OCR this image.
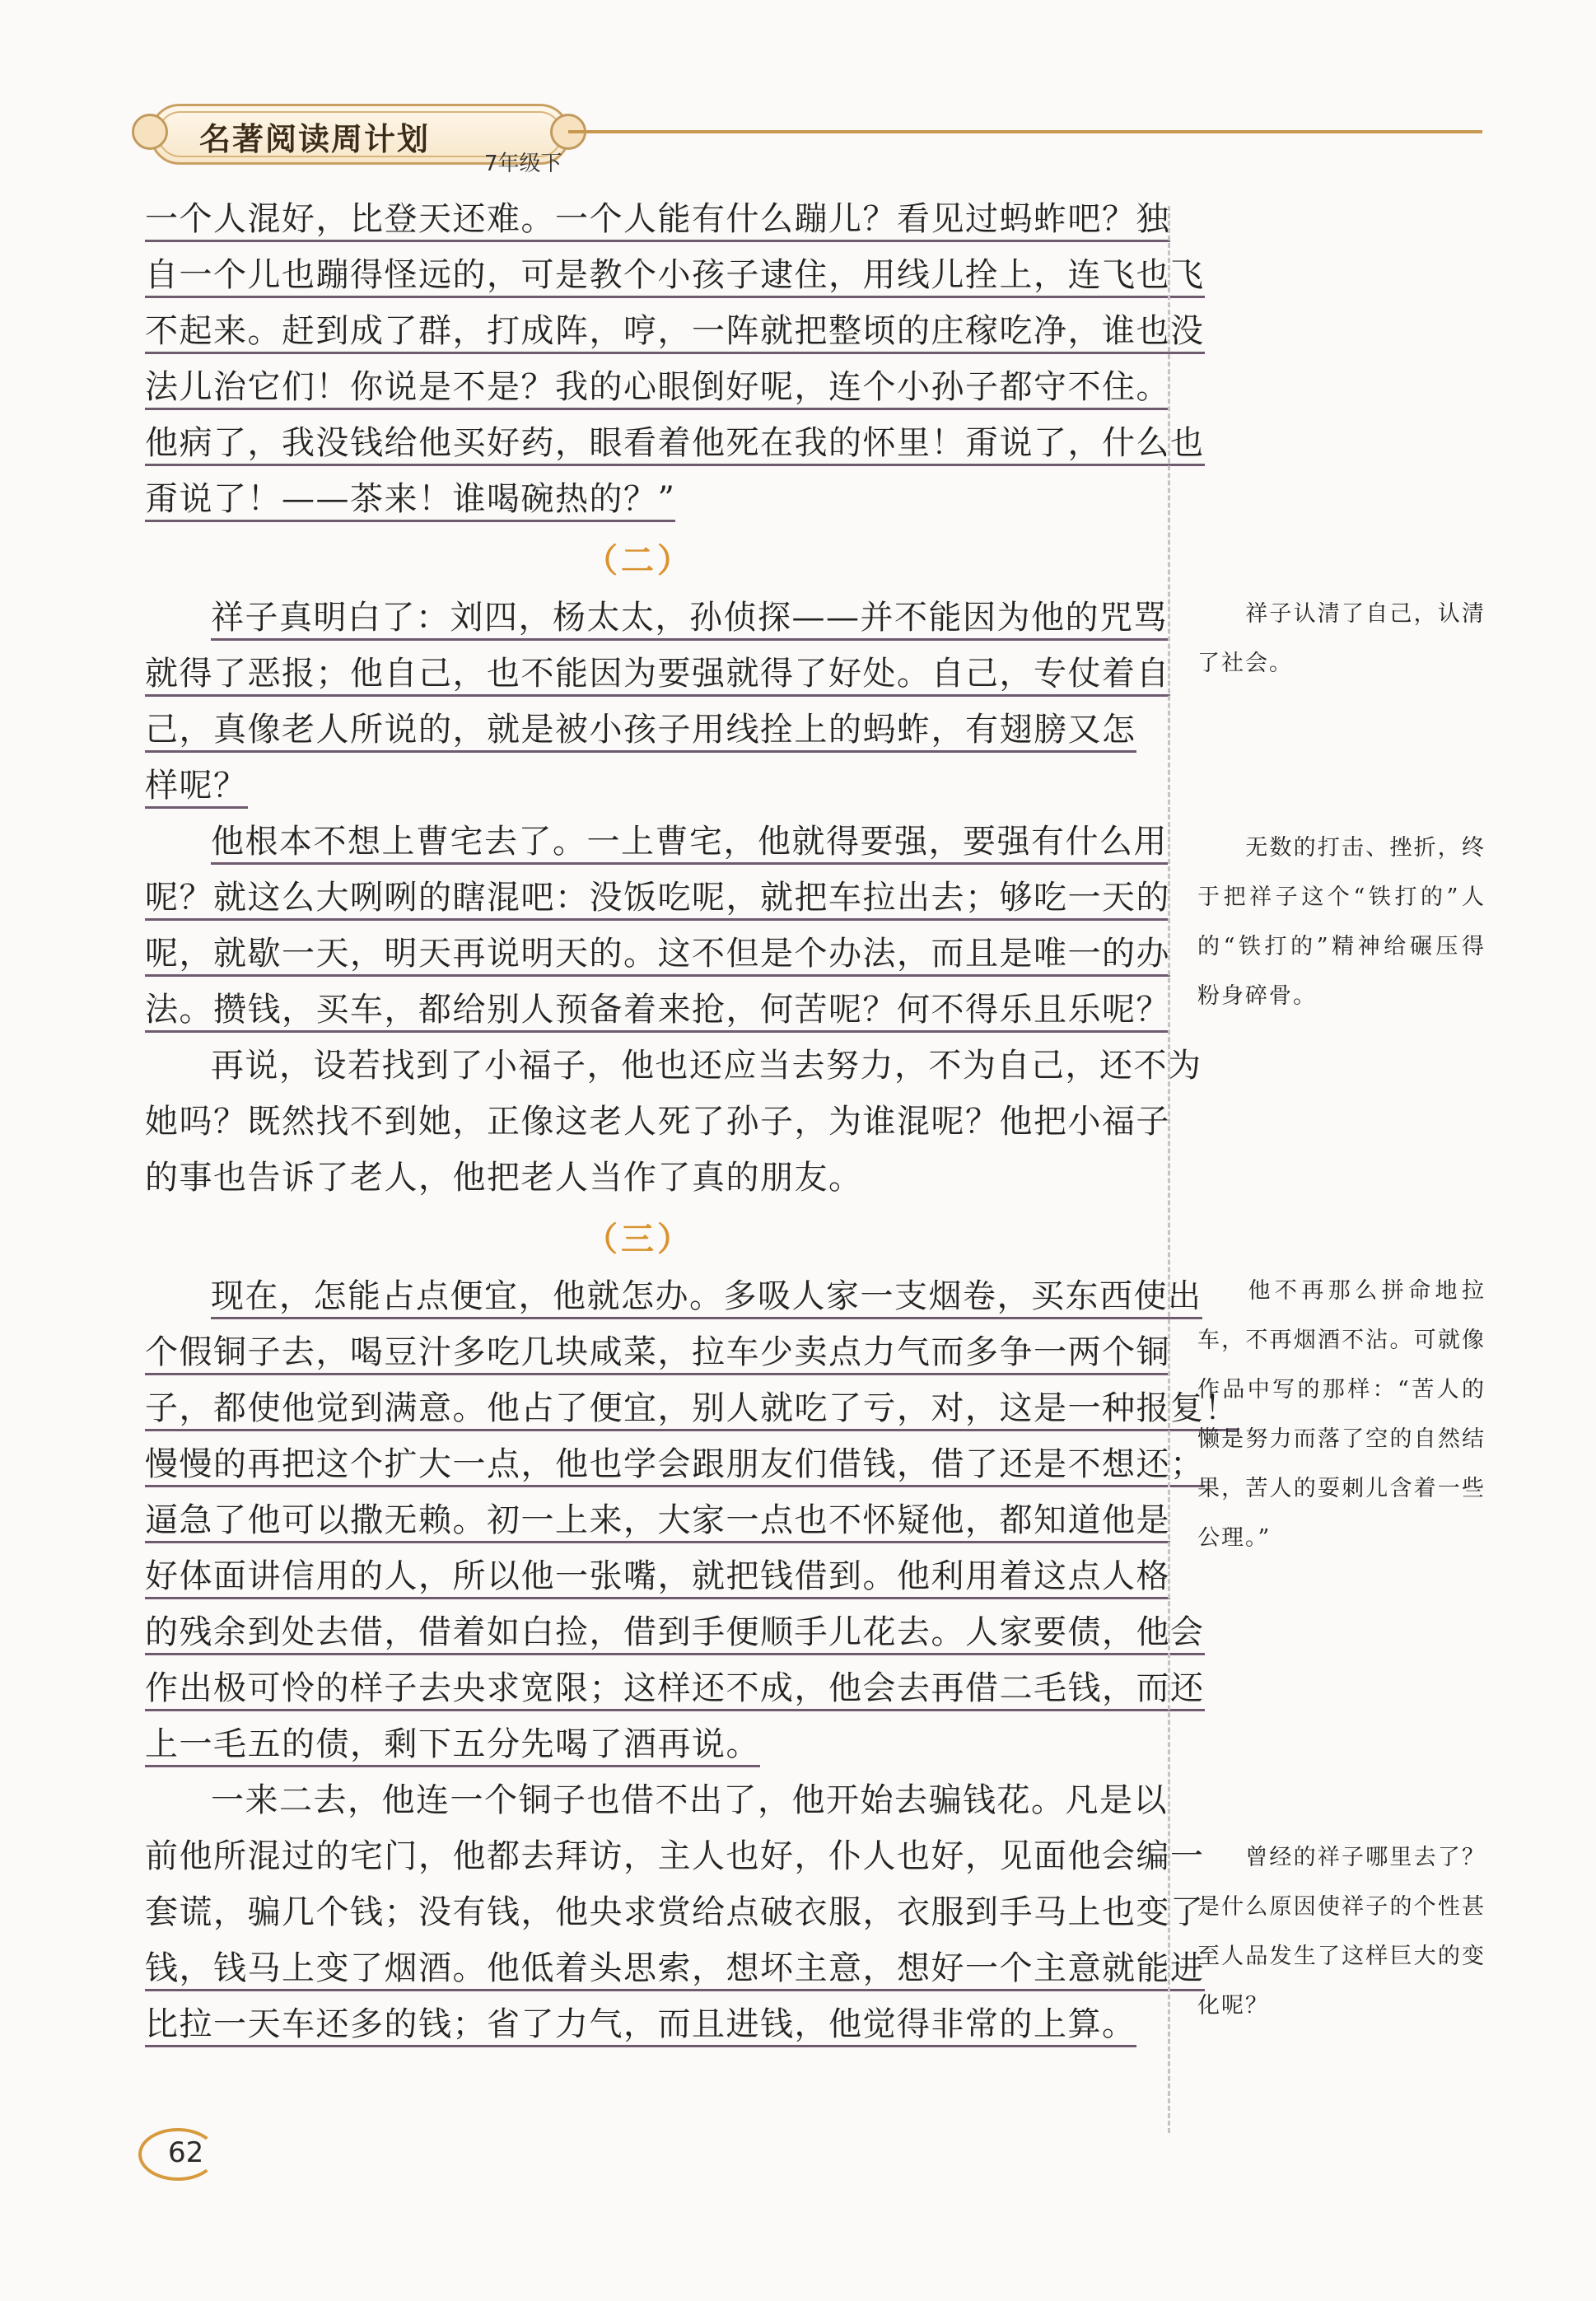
名著阅读周计划
7年级下
一个人混好，比登天还难。一个人能有什么蹦儿？看见过蚂蚱吧？独
自一个儿也蹦得怪远的，可是教个小孩子逮住，用线儿拴上，连飞也飞
不起来。赶到成了群，打成阵，哼，一阵就把整顷的庄稼吃净，谁也没
法儿治它们！你说是不是？我的心眼倒好呢，连个小孙子都守不住。
他病了，我没钱给他买好药，眼看着他死在我的怀里！甭说了，什么也
甭说了！——茶来！谁喝碗热的？”
（二）
祥子真明白了：刘四，杨太太，孙侦探——并不能因为他的咒骂
就得了恶报；他自己，也不能因为要强就得了好处。自己，专仗着自
己，真像老人所说的，就是被小孩子用线拴上的蚂蚱，有翅膀又怎
样呢？
他根本不想上曹宅去了。一上曹宅，他就得要强，要强有什么用
呢？就这么大咧咧的瞎混吧：没饭吃呢，就把车拉出去；够吃一天的
呢，就歇一天，明天再说明天的。这不但是个办法，而且是唯一的办
法。攒钱，买车，都给别人预备着来抢，何苦呢？何不得乐且乐呢？
再说，设若找到了小福子，他也还应当去努力，不为自己，还不为
她吗？既然找不到她，正像这老人死了孙子，为谁混呢？他把小福子
的事也告诉了老人，他把老人当作了真的朋友。
（三）
现在，怎能占点便宜，他就怎办。多吸人家一支烟卷，买东西使出
个假铜子去，喝豆汁多吃几块咸菜，拉车少卖点力气而多争一两个铜
子，都使他觉到满意。他占了便宜，别人就吃了亏，对，这是一种报复！
慢慢的再把这个扩大一点，他也学会跟朋友们借钱，借了还是不想还；
逼急了他可以撒无赖。初一上来，大家一点也不怀疑他，都知道他是
好体面讲信用的人，所以他一张嘴，就把钱借到。他利用着这点人格
的残余到处去借，借着如白捡，借到手便顺手儿花去。人家要债，他会
作出极可怜的样子去央求宽限；这样还不成，他会去再借二毛钱，而还
上一毛五的债，剩下五分先喝了酒再说。
一来二去，他连一个铜子也借不出了，他开始去骗钱花。凡是以
前他所混过的宅门，他都去拜访，主人也好，仆人也好，见面他会编一
套谎，骗几个钱；没有钱，他央求赏给点破衣服，衣服到手马上也变了
钱，钱马上变了烟酒。他低着头思索，想坏主意，想好一个主意就能进
比拉一天车还多的钱；省了力气，而且进钱，他觉得非常的上算。
祥子认清了自己，认清了社会。
无数的打击、挫折，终于把祥子这个“铁打的”人的“铁打的”精神给碾压得粉身碎骨。
他不再那么拼命地拉车，不再烟酒不沾。可就像作品中写的那样：“苦人的懒是努力而落了空的自然结果，苦人的耍刺儿含着一些公理。”
曾经的祥子哪里去了？是什么原因使祥子的个性甚至人品发生了这样巨大的变化呢？
62
